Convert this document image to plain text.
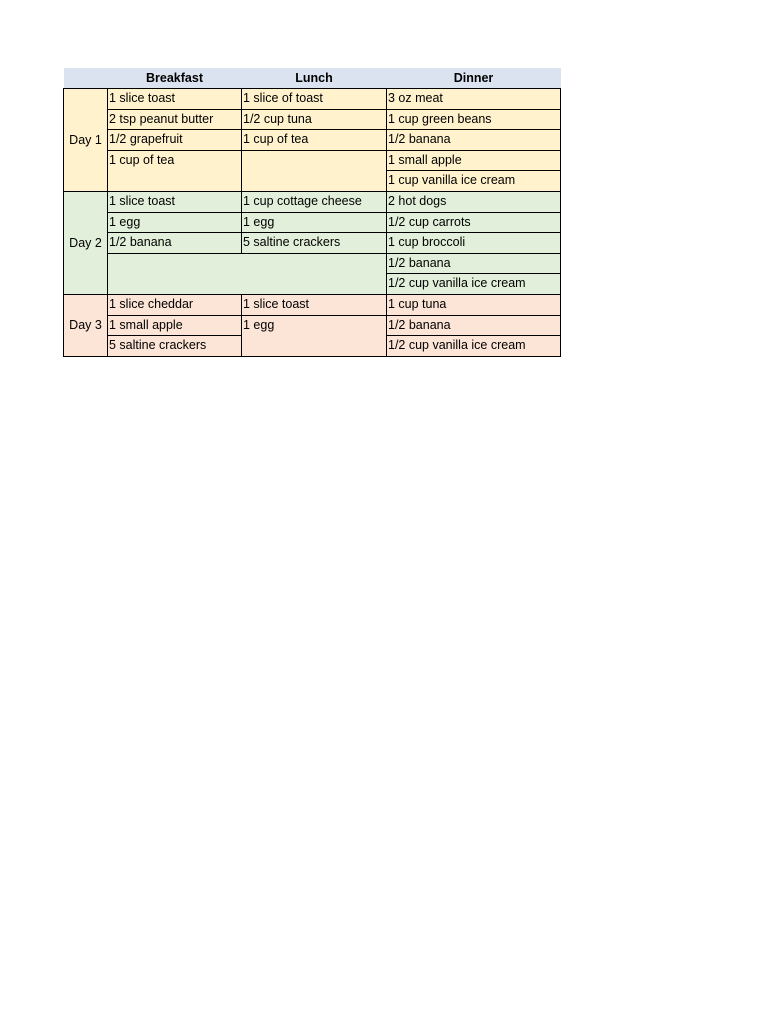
	Breakfast	Lunch	Dinner
Day 1	1 slice toast	1 slice of toast	3 oz meat
	2 tsp peanut butter	1/2 cup tuna	1 cup green beans
	1/2 grapefruit	1 cup of tea	1/2 banana
	1 cup of tea		1 small apple
			1 cup vanilla ice cream
Day 2	1 slice toast	1 cup cottage cheese	2 hot dogs
	1 egg	1 egg	1/2 cup carrots
	1/2 banana	5 saltine crackers	1 cup broccoli
			1/2 banana
			1/2 cup vanilla ice cream
Day 3	1 slice cheddar	1 slice toast	1 cup tuna
	1 small apple	1 egg	1/2 banana
	5 saltine crackers		1/2 cup vanilla ice cream
